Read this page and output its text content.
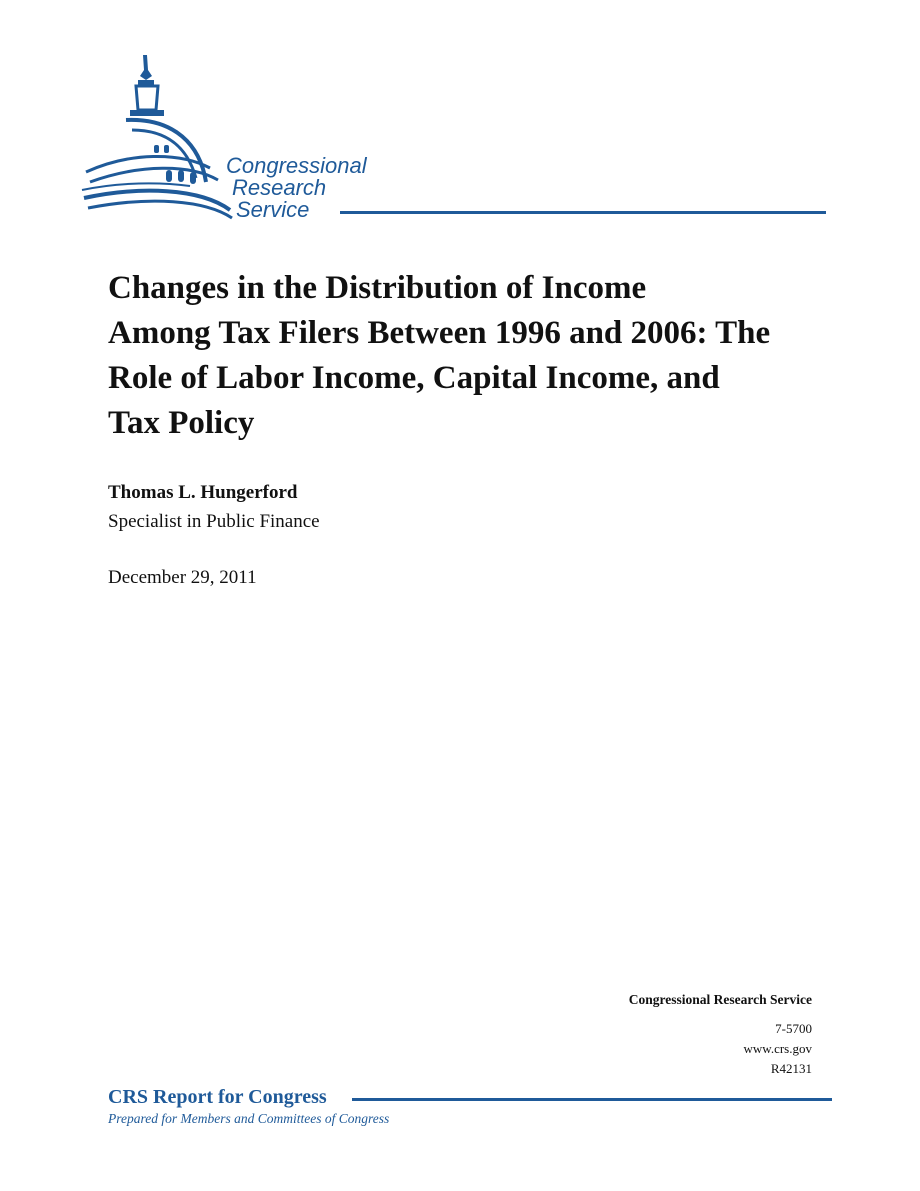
Congressional
Research
Service
Changes in the Distribution of Income
Among Tax Filers Between 1996 and 2006: The
Role of Labor Income, Capital Income, and
Tax Policy
Thomas L. Hungerford
Specialist in Public Finance
December 29, 2011
Congressional Research Service
7-5700
www.crs.gov
R42131
CRS Report for Congress
Prepared for Members and Committees of Congress
